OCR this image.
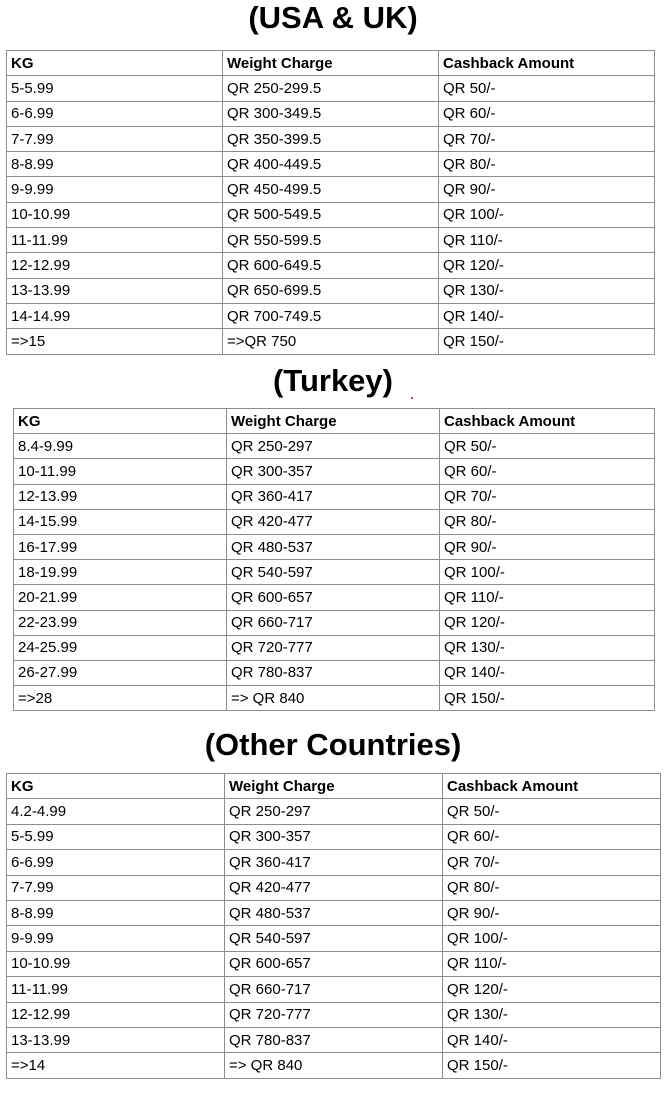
(USA & UK)
KG	Weight Charge	Cashback Amount
5-5.99	QR 250-299.5	QR 50/-
6-6.99	QR 300-349.5	QR 60/-
7-7.99	QR 350-399.5	QR 70/-
8-8.99	QR 400-449.5	QR 80/-
9-9.99	QR 450-499.5	QR 90/-
10-10.99	QR 500-549.5	QR 100/-
11-11.99	QR 550-599.5	QR 110/-
12-12.99	QR 600-649.5	QR 120/-
13-13.99	QR 650-699.5	QR 130/-
14-14.99	QR 700-749.5	QR 140/-
=>15	=>QR 750	QR 150/-
(Turkey)
KG	Weight Charge	Cashback Amount
8.4-9.99	QR 250-297	QR 50/-
10-11.99	QR 300-357	QR 60/-
12-13.99	QR 360-417	QR 70/-
14-15.99	QR 420-477	QR 80/-
16-17.99	QR 480-537	QR 90/-
18-19.99	QR 540-597	QR 100/-
20-21.99	QR 600-657	QR 110/-
22-23.99	QR 660-717	QR 120/-
24-25.99	QR 720-777	QR 130/-
26-27.99	QR 780-837	QR 140/-
=>28	=> QR 840	QR 150/-
(Other Countries)
KG	Weight Charge	Cashback Amount
4.2-4.99	QR 250-297	QR 50/-
5-5.99	QR 300-357	QR 60/-
6-6.99	QR 360-417	QR 70/-
7-7.99	QR 420-477	QR 80/-
8-8.99	QR 480-537	QR 90/-
9-9.99	QR 540-597	QR 100/-
10-10.99	QR 600-657	QR 110/-
11-11.99	QR 660-717	QR 120/-
12-12.99	QR 720-777	QR 130/-
13-13.99	QR 780-837	QR 140/-
=>14	=> QR 840	QR 150/-
